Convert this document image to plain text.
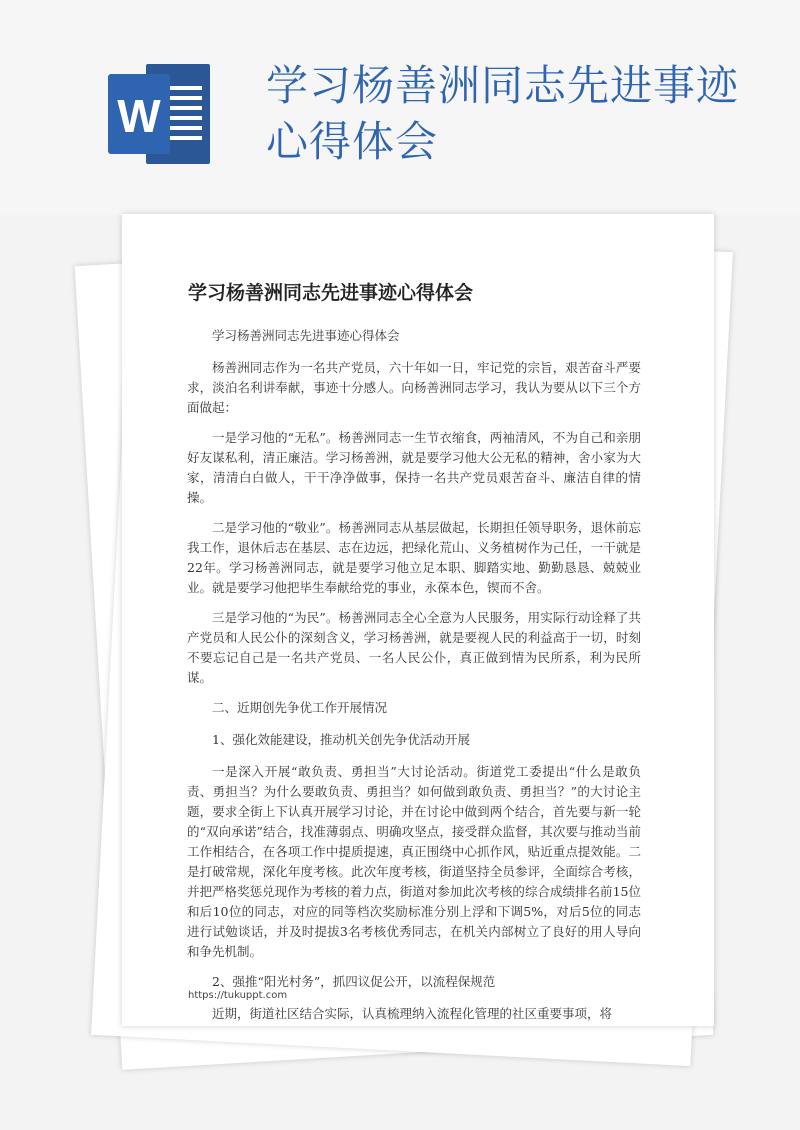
W
学习杨善洲同志先进事迹心得体会
学习杨善洲同志先进事迹心得体会

学习杨善洲同志先进事迹心得体会

杨善洲同志作为一名共产党员，六十年如一日，牢记党的宗旨，艰苦奋斗严要求，淡泊名利讲奉献，事迹十分感人。向杨善洲同志学习，我认为要从以下三个方面做起：

一是学习他的“无私”。杨善洲同志一生节衣缩食，两袖清风，不为自己和亲朋好友谋私利，清正廉洁。学习杨善洲，就是要学习他大公无私的精神，舍小家为大家，清清白白做人，干干净净做事，保持一名共产党员艰苦奋斗、廉洁自律的情操。

二是学习他的“敬业”。杨善洲同志从基层做起，长期担任领导职务，退休前忘我工作，退休后志在基层、志在边远，把绿化荒山、义务植树作为己任，一干就是22年。学习杨善洲同志，就是要学习他立足本职、脚踏实地、勤勤恳恳、兢兢业业。就是要学习他把毕生奉献给党的事业，永葆本色，锲而不舍。

三是学习他的“为民”。杨善洲同志全心全意为人民服务，用实际行动诠释了共产党员和人民公仆的深刻含义，学习杨善洲，就是要视人民的利益高于一切，时刻不要忘记自己是一名共产党员、一名人民公仆，真正做到情为民所系，利为民所谋。

二、近期创先争优工作开展情况

1、强化效能建设，推动机关创先争优活动开展

一是深入开展“敢负责、勇担当”大讨论活动。街道党工委提出“什么是敢负责、勇担当？为什么要敢负责、勇担当？如何做到敢负责、勇担当？”的大讨论主题，要求全街上下认真开展学习讨论，并在讨论中做到两个结合，首先要与新一轮的“双向承诺”结合，找准薄弱点、明确攻坚点，接受群众监督，其次要与推动当前工作相结合，在各项工作中提质提速，真正围绕中心抓作风，贴近重点提效能。二是打破常规，深化年度考核。此次年度考核，街道坚持全员参评，全面综合考核，并把严格奖惩兑现作为考核的着力点，街道对参加此次考核的综合成绩排名前15位和后10位的同志，对应的同等档次奖励标准分别上浮和下调5%，对后5位的同志进行试勉谈话，并及时提拔3名考核优秀同志，在机关内部树立了良好的用人导向和争先机制。

2、强推“阳光村务”，抓四议促公开，以流程保规范

近期，街道社区结合实际，认真梳理纳入流程化管理的社区重要事项，将

https://tukuppt.com
